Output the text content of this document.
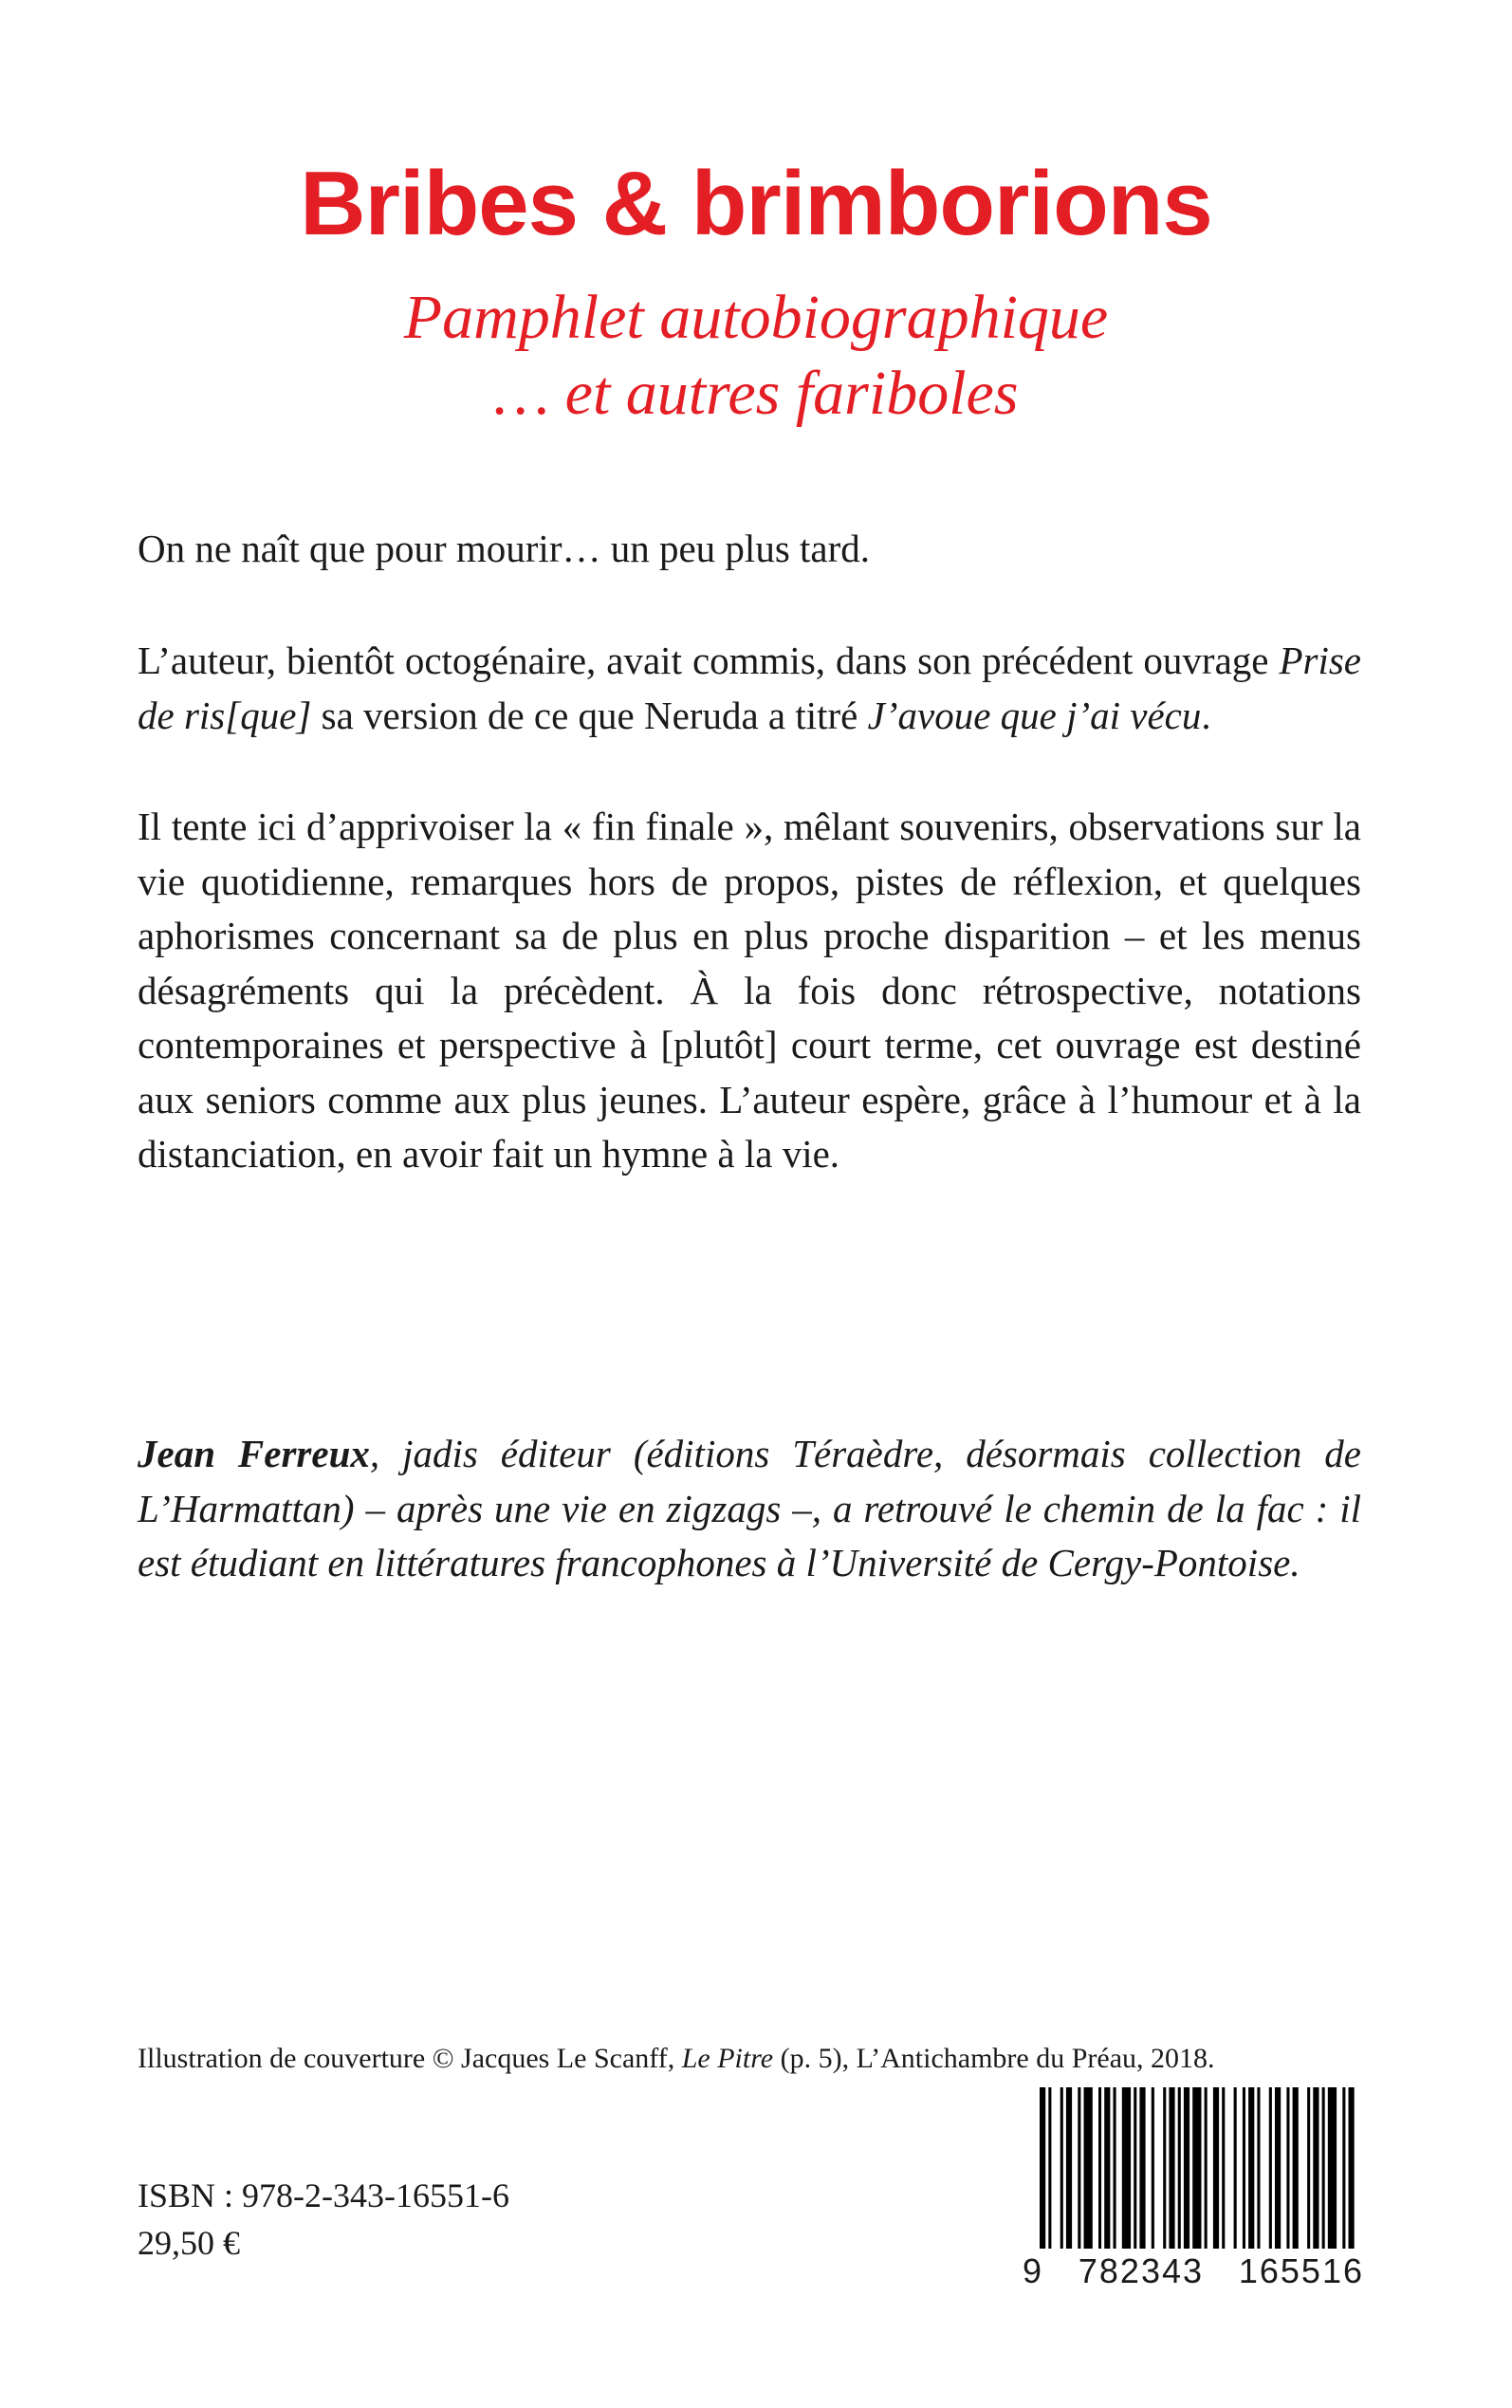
Bribes & brimborions

Pamphlet autobiographique

… et autres fariboles

On ne naît que pour mourir… un peu plus tard.

L’auteur, bientôt octogénaire, avait commis, dans son précédent ouvrage Prise de ris[que] sa version de ce que Neruda a titré J’avoue que j’ai vécu.

Il tente ici d’apprivoiser la « fin finale », mêlant souvenirs, observations sur la vie quotidienne, remarques hors de propos, pistes de réflexion, et quelques aphorismes concernant sa de plus en plus proche disparition – et les menus désagréments qui la précèdent. À la fois donc rétrospective, notations contemporaines et perspective à [plutôt] court terme, cet ouvrage est destiné aux seniors comme aux plus jeunes. L’auteur espère, grâce à l’humour et à la distanciation, en avoir fait un hymne à la vie.

Jean Ferreux, jadis éditeur (éditions Téraèdre, désormais collection de L’Harmattan) – après une vie en zigzags –, a retrouvé le chemin de la fac : il est étudiant en littératures francophones à l’Université de Cergy-Pontoise.

Illustration de couverture © Jacques Le Scanff, Le Pitre (p. 5), L’Antichambre du Préau, 2018.

ISBN : 978-2-343-16551-6

29,50 €

9 782343 165516
